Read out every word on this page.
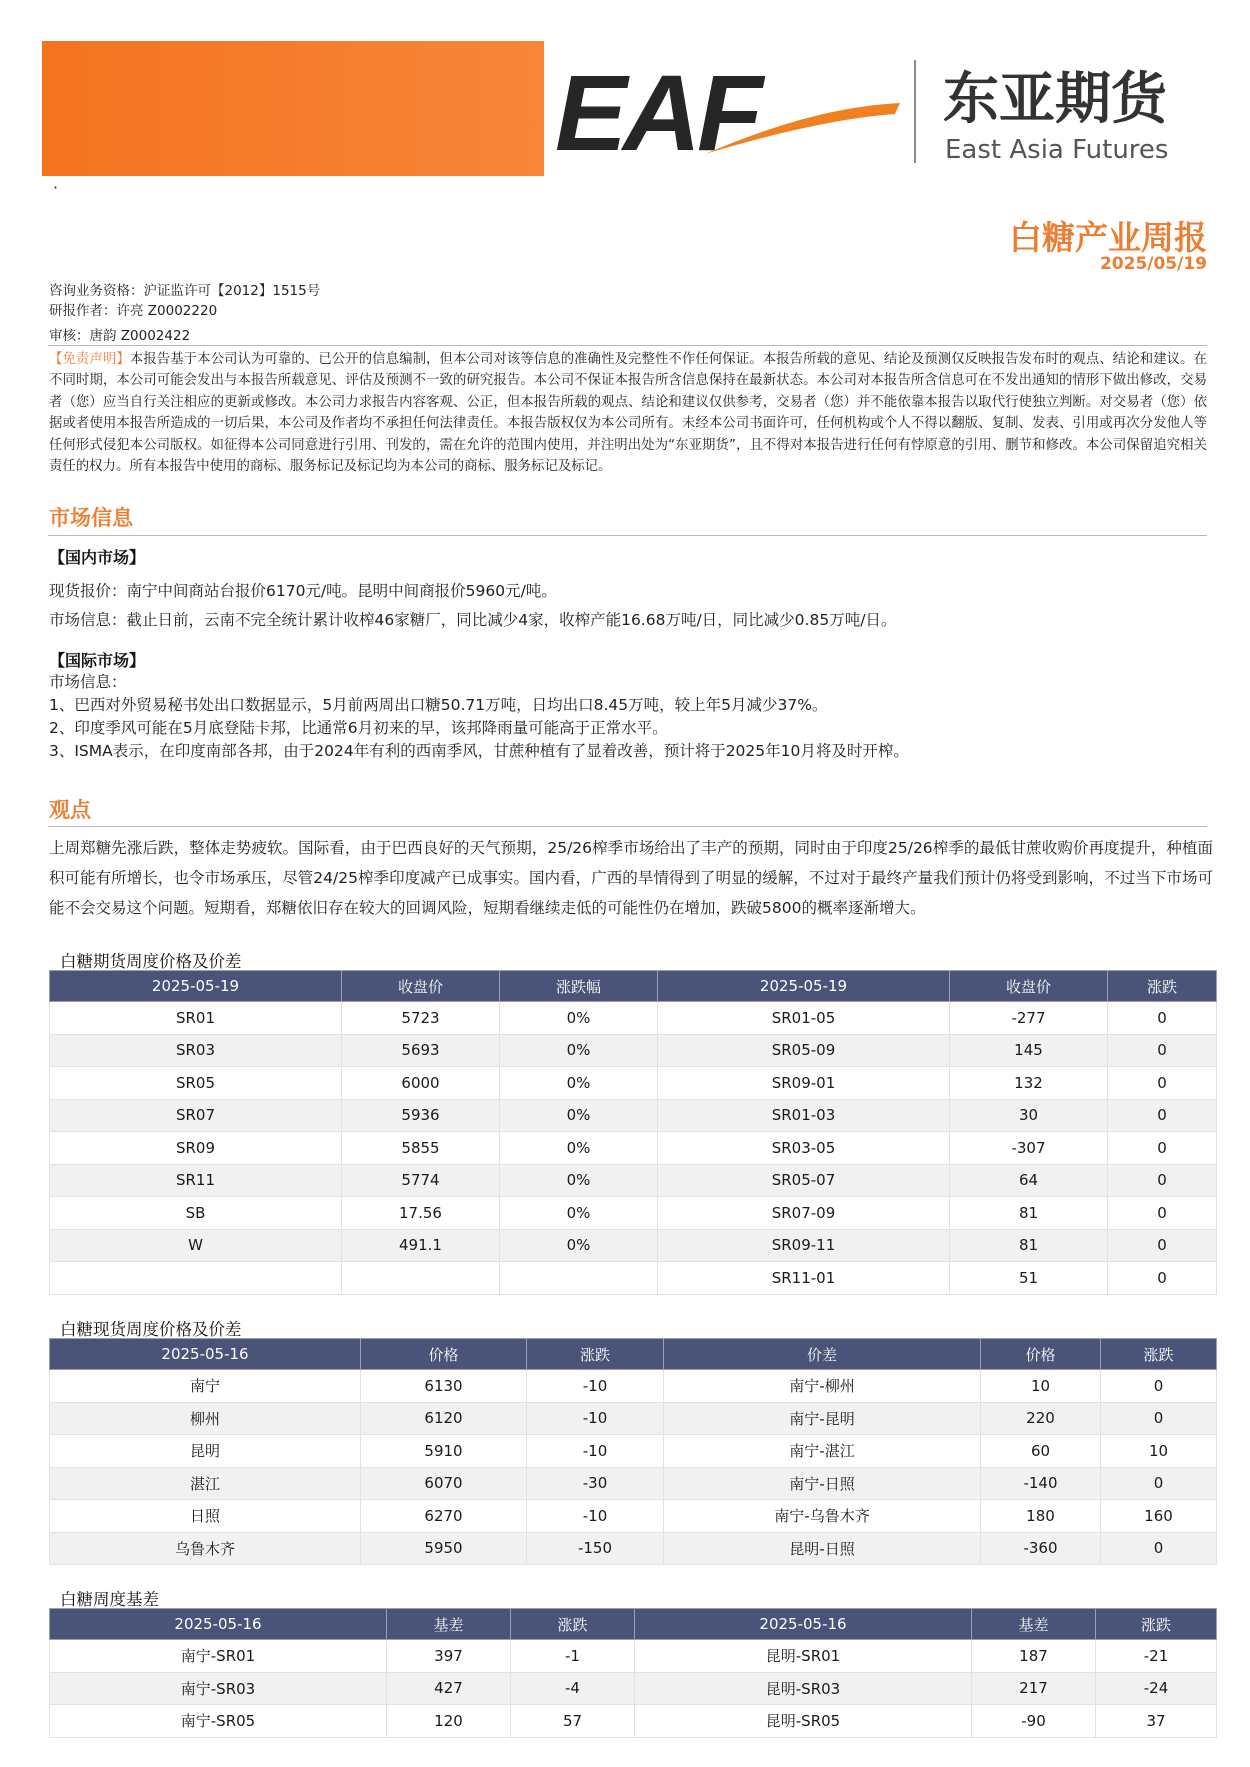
·
EAF	东亚期货
East Asia Futures
白糖产业周报
2025/05/19
咨询业务资格：沪证监许可【2012】1515号
研报作者：许亮 Z0002220
审核：唐韵 Z0002422
【免责声明】本报告基于本公司认为可靠的、已公开的信息编制，但本公司对该等信息的准确性及完整性不作任何保证。本报告所载的意见、结论及预测仅反映报告发布时的观点、结论和建议。在不同时期，本公司可能会发出与本报告所载意见、评估及预测不一致的研究报告。本公司不保证本报告所含信息保持在最新状态。本公司对本报告所含信息可在不发出通知的情形下做出修改，交易者（您）应当自行关注相应的更新或修改。本公司力求报告内容客观、公正，但本报告所载的观点、结论和建议仅供参考，交易者（您）并不能依靠本报告以取代行使独立判断。对交易者（您）依据或者使用本报告所造成的一切后果，本公司及作者均不承担任何法律责任。本报告版权仅为本公司所有。未经本公司书面许可，任何机构或个人不得以翻版、复制、发表、引用或再次分发他人等任何形式侵犯本公司版权。如征得本公司同意进行引用、刊发的，需在允许的范围内使用，并注明出处为“东亚期货”，且不得对本报告进行任何有悖原意的引用、删节和修改。本公司保留追究相关责任的权力。所有本报告中使用的商标、服务标记及标记均为本公司的商标、服务标记及标记。
市场信息
【国内市场】
现货报价：南宁中间商站台报价6170元/吨。昆明中间商报价5960元/吨。
市场信息：截止日前，云南不完全统计累计收榨46家糖厂，同比减少4家，收榨产能16.68万吨/日，同比减少0.85万吨/日。
【国际市场】
市场信息：
1、巴西对外贸易秘书处出口数据显示，5月前两周出口糖50.71万吨，日均出口8.45万吨，较上年5月减少37%。
2、印度季风可能在5月底登陆卡邦，比通常6月初来的早，该邦降雨量可能高于正常水平。
3、ISMA表示，在印度南部各邦，由于2024年有利的西南季风，甘蔗种植有了显着改善，预计将于2025年10月将及时开榨。
观点
上周郑糖先涨后跌，整体走势疲软。国际看，由于巴西良好的天气预期，25/26榨季市场给出了丰产的预期，同时由于印度25/26榨季的最低甘蔗收购价再度提升，种植面积可能有所增长，也令市场承压，尽管24/25榨季印度减产已成事实。国内看，广西的旱情得到了明显的缓解，不过对于最终产量我们预计仍将受到影响，不过当下市场可能不会交易这个问题。短期看，郑糖依旧存在较大的回调风险，短期看继续走低的可能性仍在增加，跌破5800的概率逐渐增大。
白糖期货周度价格及价差
2025-05-19	收盘价	涨跌幅	2025-05-19	收盘价	涨跌
SR01	5723	0%	SR01-05	-277	0
SR03	5693	0%	SR05-09	145	0
SR05	6000	0%	SR09-01	132	0
SR07	5936	0%	SR01-03	30	0
SR09	5855	0%	SR03-05	-307	0
SR11	5774	0%	SR05-07	64	0
SB	17.56	0%	SR07-09	81	0
W	491.1	0%	SR09-11	81	0
			SR11-01	51	0
白糖现货周度价格及价差
2025-05-16	价格	涨跌	价差	价格	涨跌
南宁	6130	-10	南宁-柳州	10	0
柳州	6120	-10	南宁-昆明	220	0
昆明	5910	-10	南宁-湛江	60	10
湛江	6070	-30	南宁-日照	-140	0
日照	6270	-10	南宁-乌鲁木齐	180	160
乌鲁木齐	5950	-150	昆明-日照	-360	0
白糖周度基差
2025-05-16	基差	涨跌	2025-05-16	基差	涨跌
南宁-SR01	397	-1	昆明-SR01	187	-21
南宁-SR03	427	-4	昆明-SR03	217	-24
南宁-SR05	120	57	昆明-SR05	-90	37
